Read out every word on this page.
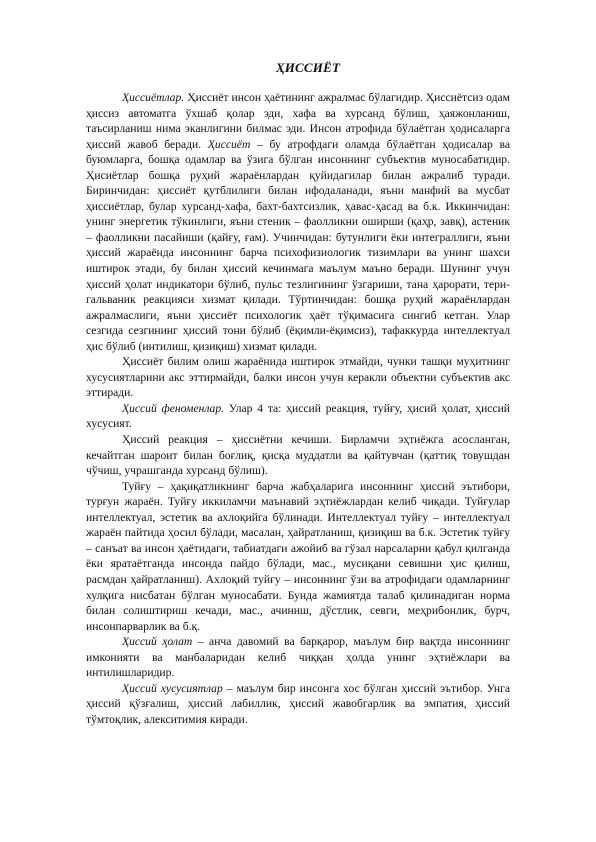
ҲИССИЁТ

Ҳиссиётлар. Ҳиссиёт инсон ҳаётининг ажралмас бўлагидир. Ҳиссиётсиз одам ҳиссиз автоматга ўхшаб қолар эди, хафа ва хурсанд бўлиш, ҳаяжонланиш, таъсирланиш нима эканлигини билмас эди. Инсон атрофида бўлаётган ҳодисаларга ҳиссий жавоб беради. Ҳиссиёт – бу атрофдаги оламда бўлаётган ҳодисалар ва буюмларга, бошқа одамлар ва ўзига бўлган инсоннинг субъектив муносабатидир. Ҳисиётлар бошқа руҳий жараёнлардан қуйидагилар билан ажралиб туради. Биринчидан: ҳиссиёт қутблилиги билан ифодаланади, яъни манфий ва мусбат ҳиссиётлар, булар хурсанд-хафа, бахт-бахтсизлик, ҳавас-ҳасад ва б.к. Иккинчидан: унинг энергетик тўкинлиги, яъни стеник – фаолликни оширши (қаҳр, завқ), астеник – фаолликни пасайиши (қайғу, ғам). Учинчидан: бутунлиги ёки интеграллиги, яъни ҳиссий жараёнда инсоннинг барча психофизиологик тизимлари ва унинг шахси иштирок этади, бу билан ҳиссий кечинмага маълум маъно беради. Шунинг учун ҳиссий ҳолат индикатори бўлиб, пульс тезлигининг ўзгариши, тана ҳарорати, тери-гальваник реакцияси хизмат қилади. Тўртинчидан: бошқа руҳий жараёнлардан ажралмаслиги, яъни ҳиссиёт психологик ҳаёт тўқимасига сингиб кетган. Улар сезгида сезгининг ҳиссий тони бўлиб (ёқимли-ёқимсиз), тафаккурда интеллектуал ҳис бўлиб (интилиш, қизиқиш) хизмат қилади.

Ҳиссиёт билим олиш жараёнида иштирок этмайди, чунки ташқи муҳитнинг хусусиятларини акс эттирмайди, балки инсон учун керакли объектни субъектив акс эттиради.

Ҳиссий феноменлар. Улар 4 та: ҳиссий реакция, туйғу, ҳисий ҳолат, ҳиссий хусусият.

Ҳиссий реакция – ҳиссиётни кечиши. Бирламчи эҳтиёжга асосланган, кечайтган шароит билан боғлиқ, қисқа муддатли ва қайтувчан (қаттиқ товушдан чўчиш, учрашганда хурсанд бўлиш).

Туйғу – ҳақиқатликнинг барча жабҳаларига инсоннинг ҳиссий эътибори, турғун жараён. Туйғу иккиламчи маънавий эҳтиёжлардан келиб чиқади. Туйғулар интеллектуал, эстетик ва ахлоқийга бўлинади. Интеллектуал туйғу – интеллектуал жараён пайтида ҳосил бўлади, масалан, ҳайратланиш, қизиқиш ва б.к. Эстетик туйғу – санъат ва инсон ҳаётидаги, табиатдаги ажойиб ва гўзал нарсаларни қабул қилганда ёки яратаётганда инсонда пайдо бўлади, мас., мусиқани севишни ҳис қилиш, расмдан ҳайратланиш). Ахлоқий туйғу – инсоннинг ўзи ва атрофидаги одамларнинг хулқига нисбатан бўлган муносабати. Бунда жамиятда талаб қилинадиган норма билан солиштириш кечади, мас., ачиниш, дўстлик, севги, меҳрибонлик, бурч, инсонпарварлик ва б.қ.

Ҳиссий ҳолат – анча давомий ва барқарор, маълум бир вақтда инсоннинг имконияти ва манбаларидан келиб чиққан ҳолда унинг эҳтиёжлари ва интилишларидир.

Ҳиссий хусусиятлар – маълум бир инсонга хос бўлган ҳиссий эътибор. Унга ҳиссий қўзғалиш, ҳиссий лабиллик, ҳиссий жавобгарлик ва эмпатия, ҳиссий тўмтоқлик, алекситимия киради.
